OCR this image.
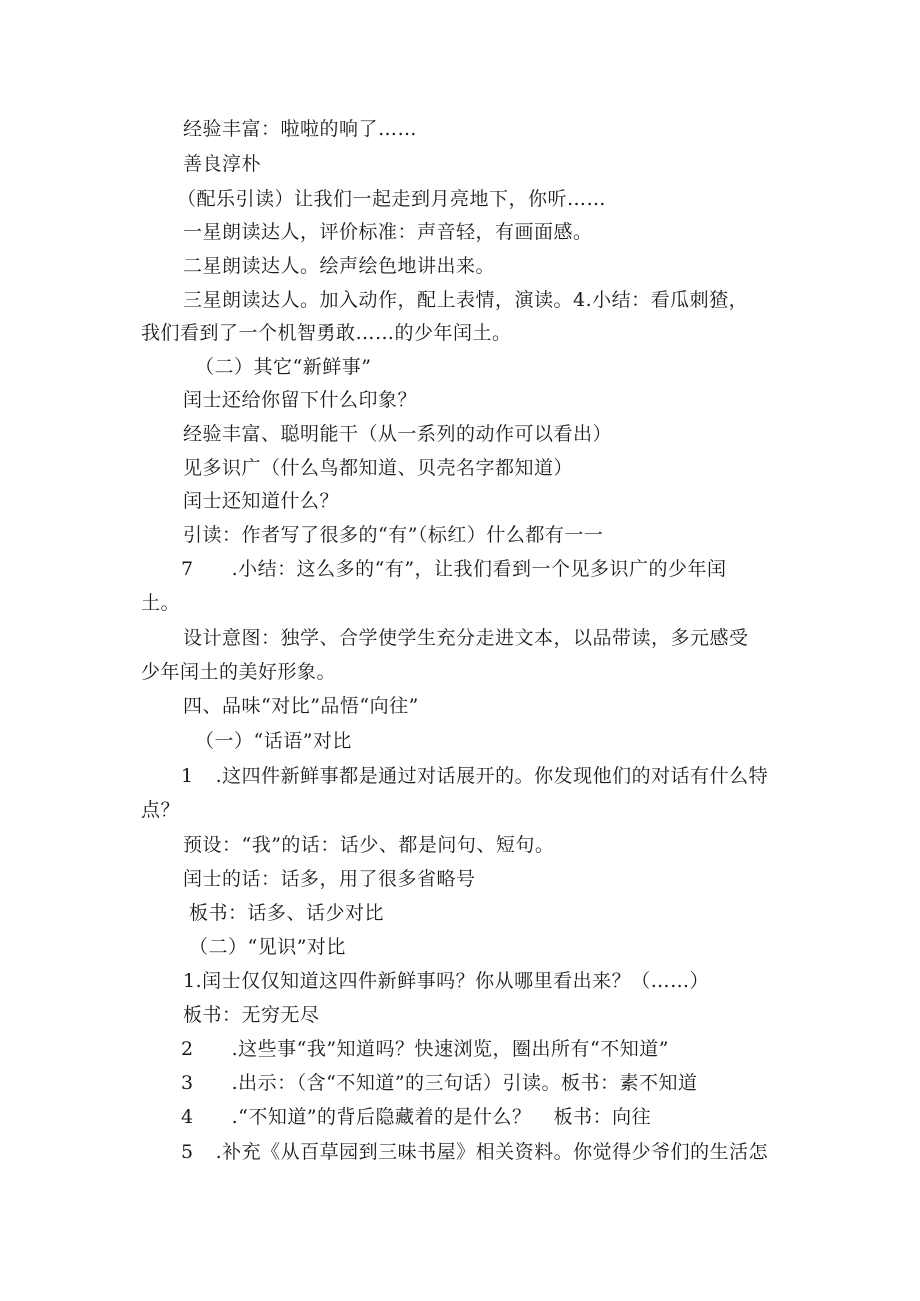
经验丰富：啦啦的响了……
善良淳朴
（配乐引读）让我们一起走到月亮地下，你听……
一星朗读达人，评价标准：声音轻，有画面感。
二星朗读达人。绘声绘色地讲出来。
三星朗读达人。加入动作，配上表情，演读。4.小结：看瓜刺猹，
我们看到了一个机智勇敢……的少年闰土。
（二）其它“新鲜事”
闰士还给你留下什么印象？
经验丰富、聪明能干（从一系列的动作可以看出）
见多识广（什么鸟都知道、贝壳名字都知道）
闰士还知道什么？
引读：作者写了很多的“有”（标红）什么都有一一
7 .小结：这么多的“有”，让我们看到一个见多识广的少年闰
土。
设计意图：独学、合学使学生充分走进文本，以品带读，多元感受
少年闰土的美好形象。
四、品味“对比”品悟“向往”
（一）“话语”对比
1 .这四件新鲜事都是通过对话展开的。你发现他们的对话有什么特
点？
预设：“我”的话：话少、都是问句、短句。
闰士的话：话多，用了很多省略号
板书：话多、话少对比
（二）“见识”对比
1.闰士仅仅知道这四件新鲜事吗？你从哪里看出来？（……）
板书：无穷无尽
2 .这些事“我”知道吗？快速浏览，圈出所有“不知道”
3 .出示：（含“不知道”的三句话）引读。板书：素不知道
4 .“不知道”的背后隐藏着的是什么？ 板书：向往
5 .补充《从百草园到三味书屋》相关资料。你觉得少爷们的生活怎
